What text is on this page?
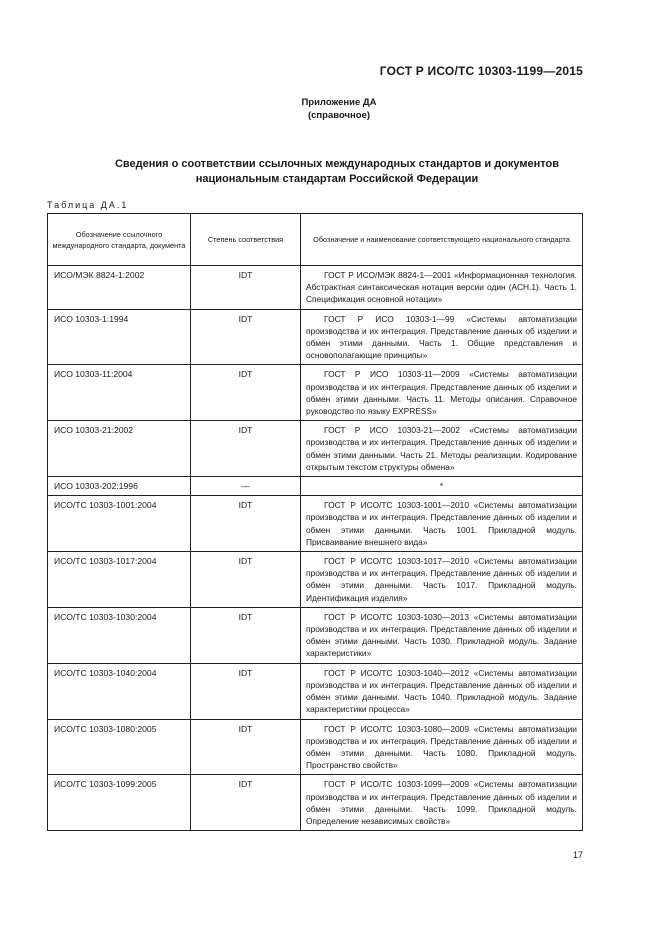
ГОСТ Р ИСО/ТС 10303-1199—2015
Приложение ДА
(справочное)
Сведения о соответствии ссылочных международных стандартов и документов
национальным стандартам Российской Федерации
Таблица ДА.1
Обозначение ссылочного международного стандарта, документа	Степень соответствия	Обозначение и наименование соответствующего национального стандарта
ИСО/МЭК 8824-1:2002	IDT	ГОСТ Р ИСО/МЭК 8824-1—2001 «Информационная технология. Абстрактная синтаксическая нотация версии один (АСН.1). Часть 1. Спецификация основной нотации»
ИСО 10303-1:1994	IDT	ГОСТ Р ИСО 10303-1—99 «Системы автоматизации производства и их интеграция. Представление данных об изделии и обмен этими данными. Часть 1. Общие представления и основополагающие принципы»
ИСО 10303-11:2004	IDT	ГОСТ Р ИСО 10303-11—2009 «Системы автоматизации производства и их интеграция. Представление данных об изделии и обмен этими данными. Часть 11. Методы описания. Справочное руководство по языку EXPRESS»
ИСО 10303-21:2002	IDT	ГОСТ Р ИСО 10303-21—2002 «Системы автоматизации производства и их интеграция. Представление данных об изделии и обмен этими данными. Часть 21. Методы реализации. Кодирование открытым текстом структуры обмена»
ИСО 10303-202:1996	—	*
ИСО/ТС 10303-1001:2004	IDT	ГОСТ Р ИСО/ТС 10303-1001—2010 «Системы автоматизации производства и их интеграция. Представление данных об изделии и обмен этими данными. Часть 1001. Прикладной модуль. Присваивание внешнего вида»
ИСО/ТС 10303-1017:2004	IDT	ГОСТ Р ИСО/ТС 10303-1017—2010 «Системы автоматизации производства и их интеграция. Представление данных об изделии и обмен этими данными. Часть 1017. Прикладной модуль. Идентификация изделия»
ИСО/ТС 10303-1030:2004	IDT	ГОСТ Р ИСО/ТС 10303-1030—2013 «Системы автоматизации производства и их интеграция. Представление данных об изделии и обмен этими данными. Часть 1030. Прикладной модуль. Задание характеристики»
ИСО/ТС 10303-1040:2004	IDT	ГОСТ Р ИСО/ТС 10303-1040—2012 «Системы автоматизации производства и их интеграция. Представление данных об изделии и обмен этими данными. Часть 1040. Прикладной модуль. Задание характеристики процесса»
ИСО/ТС 10303-1080:2005	IDT	ГОСТ Р ИСО/ТС 10303-1080—2009 «Системы автоматизации производства и их интеграция. Представление данных об изделии и обмен этими данными. Часть 1080. Прикладной модуль. Пространство свойств»
ИСО/ТС 10303-1099:2005	IDT	ГОСТ Р ИСО/ТС 10303-1099—2009 «Системы автоматизации производства и их интеграция. Представление данных об изделии и обмен этими данными. Часть 1099. Прикладной модуль. Определение независимых свойств»
17
